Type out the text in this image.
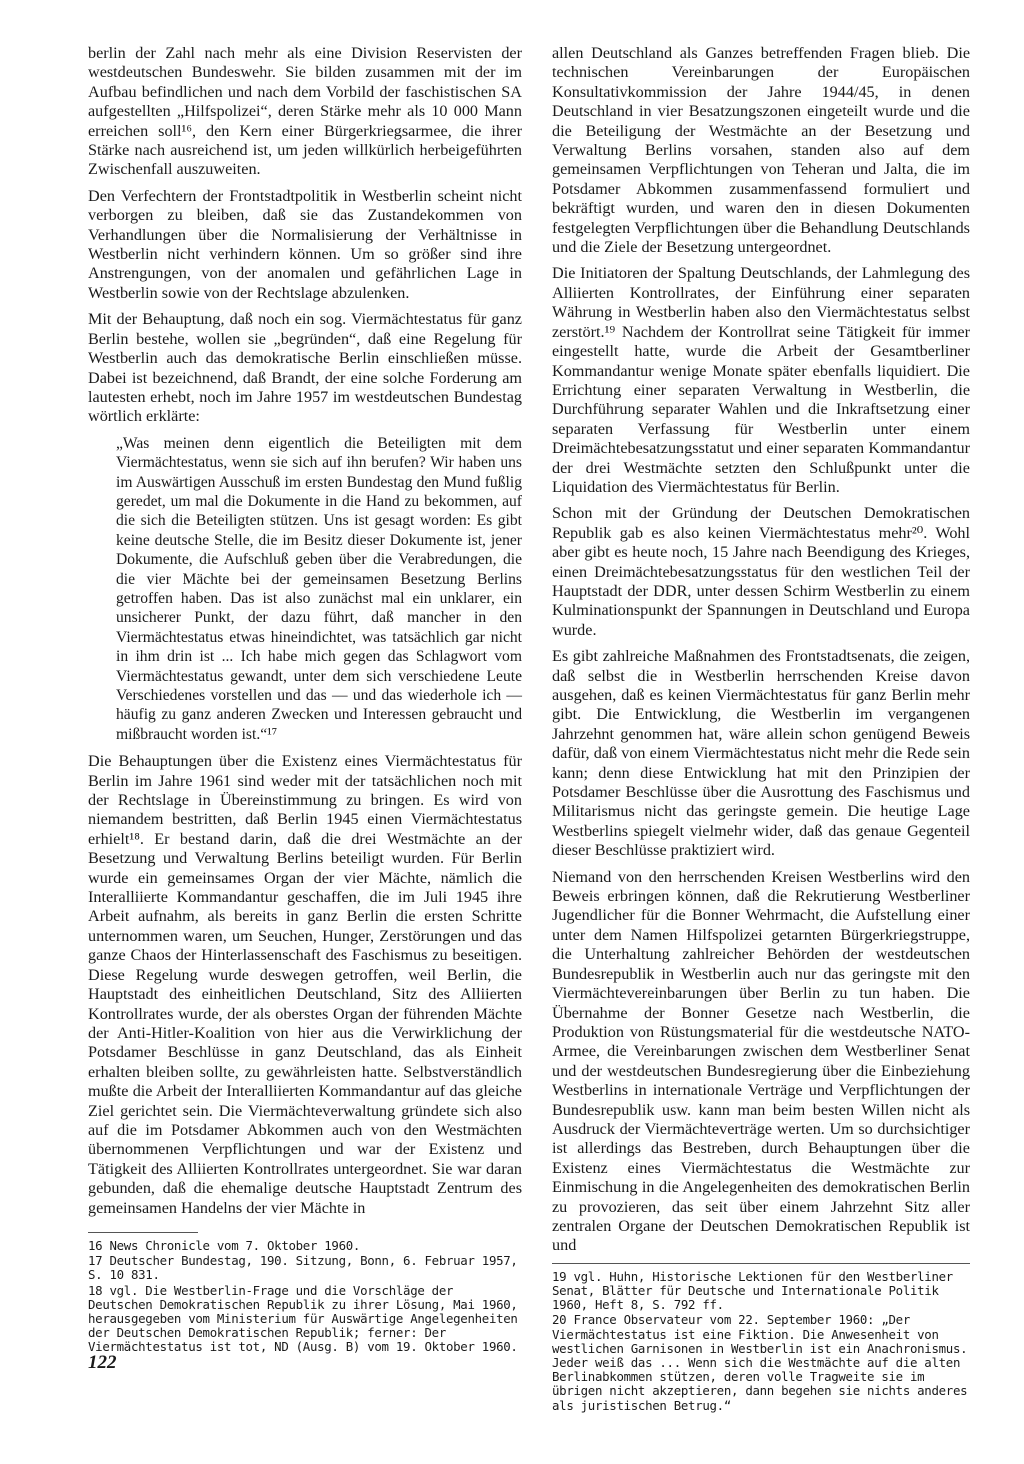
berlin der Zahl nach mehr als eine Division Reservisten der westdeutschen Bundeswehr. Sie bilden zusammen mit der im Aufbau befindlichen und nach dem Vorbild der faschistischen SA aufgestellten „Hilfspolizei“, deren Stärke mehr als 10 000 Mann erreichen soll¹⁶, den Kern einer Bürgerkriegsarmee, die ihrer Stärke nach ausreichend ist, um jeden willkürlich herbeigeführten Zwischenfall auszuweiten.

Den Verfechtern der Frontstadtpolitik in Westberlin scheint nicht verborgen zu bleiben, daß sie das Zustandekommen von Verhandlungen über die Normalisierung der Verhältnisse in Westberlin nicht verhindern können. Um so größer sind ihre Anstrengungen, von der anomalen und gefährlichen Lage in Westberlin sowie von der Rechtslage abzulenken.

Mit der Behauptung, daß noch ein sog. Viermächtestatus für ganz Berlin bestehe, wollen sie „begründen“, daß eine Regelung für Westberlin auch das demokratische Berlin einschließen müsse. Dabei ist bezeichnend, daß Brandt, der eine solche Forderung am lautesten erhebt, noch im Jahre 1957 im westdeutschen Bundestag wörtlich erklärte:

„Was meinen denn eigentlich die Beteiligten mit dem Viermächtestatus, wenn sie sich auf ihn berufen? Wir haben uns im Auswärtigen Ausschuß im ersten Bundestag den Mund fußlig geredet, um mal die Dokumente in die Hand zu bekommen, auf die sich die Beteiligten stützen. Uns ist gesagt worden: Es gibt keine deutsche Stelle, die im Besitz dieser Dokumente ist, jener Dokumente, die Aufschluß geben über die Verabredungen, die die vier Mächte bei der gemeinsamen Besetzung Berlins getroffen haben. Das ist also zunächst mal ein unklarer, ein unsicherer Punkt, der dazu führt, daß mancher in den Viermächtestatus etwas hineindichtet, was tatsächlich gar nicht in ihm drin ist ... Ich habe mich gegen das Schlagwort vom Viermächtestatus gewandt, unter dem sich verschiedene Leute Verschiedenes vorstellen und das — und das wiederhole ich — häufig zu ganz anderen Zwecken und Interessen gebraucht und mißbraucht worden ist.“¹⁷

Die Behauptungen über die Existenz eines Viermächtestatus für Berlin im Jahre 1961 sind weder mit der tatsächlichen noch mit der Rechtslage in Übereinstimmung zu bringen. Es wird von niemandem bestritten, daß Berlin 1945 einen Viermächtestatus erhielt¹⁸. Er bestand darin, daß die drei Westmächte an der Besetzung und Verwaltung Berlins beteiligt wurden. Für Berlin wurde ein gemeinsames Organ der vier Mächte, nämlich die Interalliierte Kommandantur geschaffen, die im Juli 1945 ihre Arbeit aufnahm, als bereits in ganz Berlin die ersten Schritte unternommen waren, um Seuchen, Hunger, Zerstörungen und das ganze Chaos der Hinterlassenschaft des Faschismus zu beseitigen. Diese Regelung wurde deswegen getroffen, weil Berlin, die Hauptstadt des einheitlichen Deutschland, Sitz des Alliierten Kontrollrates wurde, der als oberstes Organ der führenden Mächte der Anti-Hitler-Koalition von hier aus die Verwirklichung der Potsdamer Beschlüsse in ganz Deutschland, das als Einheit erhalten bleiben sollte, zu gewährleisten hatte. Selbstverständlich mußte die Arbeit der Interalliierten Kommandantur auf das gleiche Ziel gerichtet sein. Die Viermächteverwaltung gründete sich also auf die im Potsdamer Abkommen auch von den Westmächten übernommenen Verpflichtungen und war der Existenz und Tätigkeit des Alliierten Kontrollrates untergeordnet. Sie war daran gebunden, daß die ehemalige deutsche Hauptstadt Zentrum des gemeinsamen Handelns der vier Mächte in

16 News Chronicle vom 7. Oktober 1960.

17 Deutscher Bundestag, 190. Sitzung, Bonn, 6. Februar 1957, S. 10 831.

18 vgl. Die Westberlin-Frage und die Vorschläge der Deutschen Demokratischen Republik zu ihrer Lösung, Mai 1960, herausgegeben vom Ministerium für Auswärtige Angelegenheiten der Deutschen Demokratischen Republik; ferner: Der Viermächtestatus ist tot, ND (Ausg. B) vom 19. Oktober 1960.

allen Deutschland als Ganzes betreffenden Fragen blieb. Die technischen Vereinbarungen der Europäischen Konsultativkommission der Jahre 1944/45, in denen Deutschland in vier Besatzungszonen eingeteilt wurde und die die Beteiligung der Westmächte an der Besetzung und Verwaltung Berlins vorsahen, standen also auf dem gemeinsamen Verpflichtungen von Teheran und Jalta, die im Potsdamer Abkommen zusammenfassend formuliert und bekräftigt wurden, und waren den in diesen Dokumenten festgelegten Verpflichtungen über die Behandlung Deutschlands und die Ziele der Besetzung untergeordnet.

Die Initiatoren der Spaltung Deutschlands, der Lahmlegung des Alliierten Kontrollrates, der Einführung einer separaten Währung in Westberlin haben also den Viermächtestatus selbst zerstört.¹⁹ Nachdem der Kontrollrat seine Tätigkeit für immer eingestellt hatte, wurde die Arbeit der Gesamtberliner Kommandantur wenige Monate später ebenfalls liquidiert. Die Errichtung einer separaten Verwaltung in Westberlin, die Durchführung separater Wahlen und die Inkraftsetzung einer separaten Verfassung für Westberlin unter einem Dreimächtebesatzungsstatut und einer separaten Kommandantur der drei Westmächte setzten den Schlußpunkt unter die Liquidation des Viermächtestatus für Berlin.

Schon mit der Gründung der Deutschen Demokratischen Republik gab es also keinen Viermächtestatus mehr²⁰. Wohl aber gibt es heute noch, 15 Jahre nach Beendigung des Krieges, einen Dreimächtebesatzungsstatus für den westlichen Teil der Hauptstadt der DDR, unter dessen Schirm Westberlin zu einem Kulminationspunkt der Spannungen in Deutschland und Europa wurde.

Es gibt zahlreiche Maßnahmen des Frontstadtsenats, die zeigen, daß selbst die in Westberlin herrschenden Kreise davon ausgehen, daß es keinen Viermächtestatus für ganz Berlin mehr gibt. Die Entwicklung, die Westberlin im vergangenen Jahrzehnt genommen hat, wäre allein schon genügend Beweis dafür, daß von einem Viermächtestatus nicht mehr die Rede sein kann; denn diese Entwicklung hat mit den Prinzipien der Potsdamer Beschlüsse über die Ausrottung des Faschismus und Militarismus nicht das geringste gemein. Die heutige Lage Westberlins spiegelt vielmehr wider, daß das genaue Gegenteil dieser Beschlüsse praktiziert wird.

Niemand von den herrschenden Kreisen Westberlins wird den Beweis erbringen können, daß die Rekrutierung Westberliner Jugendlicher für die Bonner Wehrmacht, die Aufstellung einer unter dem Namen Hilfspolizei getarnten Bürgerkriegstruppe, die Unterhaltung zahlreicher Behörden der westdeutschen Bundesrepublik in Westberlin auch nur das geringste mit den Viermächtevereinbarungen über Berlin zu tun haben. Die Übernahme der Bonner Gesetze nach Westberlin, die Produktion von Rüstungsmaterial für die westdeutsche NATO-Armee, die Vereinbarungen zwischen dem Westberliner Senat und der westdeutschen Bundesregierung über die Einbeziehung Westberlins in internationale Verträge und Verpflichtungen der Bundesrepublik usw. kann man beim besten Willen nicht als Ausdruck der Viermächteverträge werten. Um so durchsichtiger ist allerdings das Bestreben, durch Behauptungen über die Existenz eines Viermächtestatus die Westmächte zur Einmischung in die Angelegenheiten des demokratischen Berlin zu provozieren, das seit über einem Jahrzehnt Sitz aller zentralen Organe der Deutschen Demokratischen Republik ist und

19 vgl. Huhn, Historische Lektionen für den Westberliner Senat, Blätter für Deutsche und Internationale Politik 1960, Heft 8, S. 792 ff.

20 France Observateur vom 22. September 1960: „Der Viermächtestatus ist eine Fiktion. Die Anwesenheit von westlichen Garnisonen in Westberlin ist ein Anachronismus. Jeder weiß das ... Wenn sich die Westmächte auf die alten Berlinabkommen stützen, deren volle Tragweite sie im übrigen nicht akzeptieren, dann begehen sie nichts anderes als juristischen Betrug.“

122
